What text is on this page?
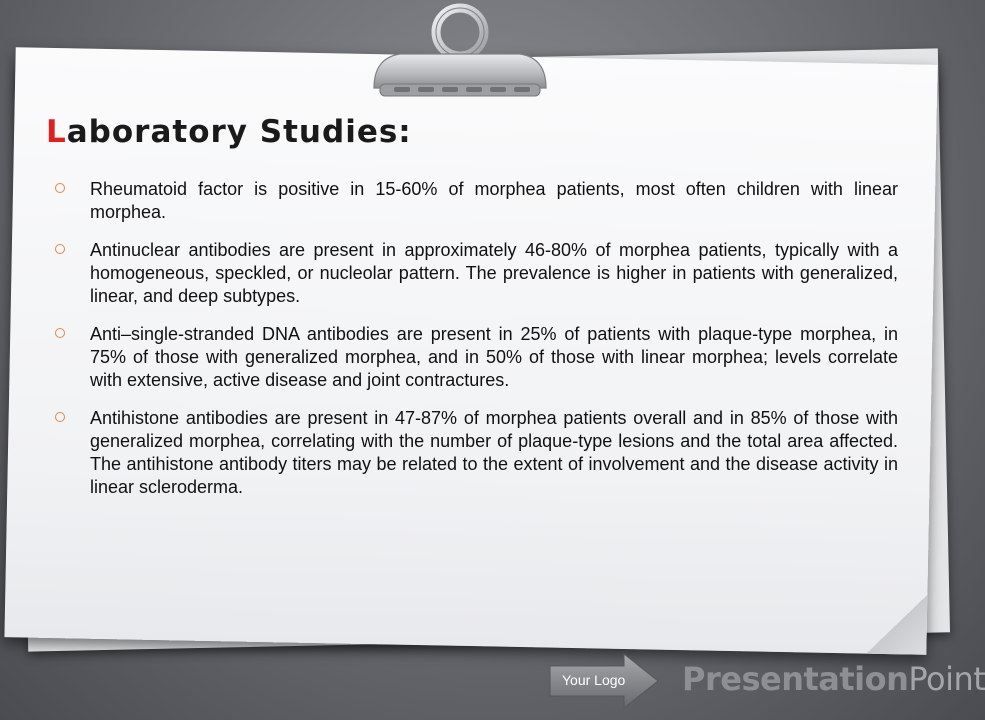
Laboratory Studies:
Rheumatoid factor is positive in 15-60% of morphea patients, most often children with linear morphea.
Antinuclear antibodies are present in approximately 46-80% of morphea patients, typically with a homogeneous, speckled, or nucleolar pattern. The prevalence is higher in patients with generalized, linear, and deep subtypes.
Anti–single-stranded DNA antibodies are present in 25% of patients with plaque-type morphea, in 75% of those with generalized morphea, and in 50% of those with linear morphea; levels correlate with extensive, active disease and joint contractures.
Antihistone antibodies are present in 47-87% of morphea patients overall and in 85% of those with generalized morphea, correlating with the number of plaque-type lesions and the total area affected. The antihistone antibody titers may be related to the extent of involvement and the disease activity in linear scleroderma.
Your Logo PresentationPoint
